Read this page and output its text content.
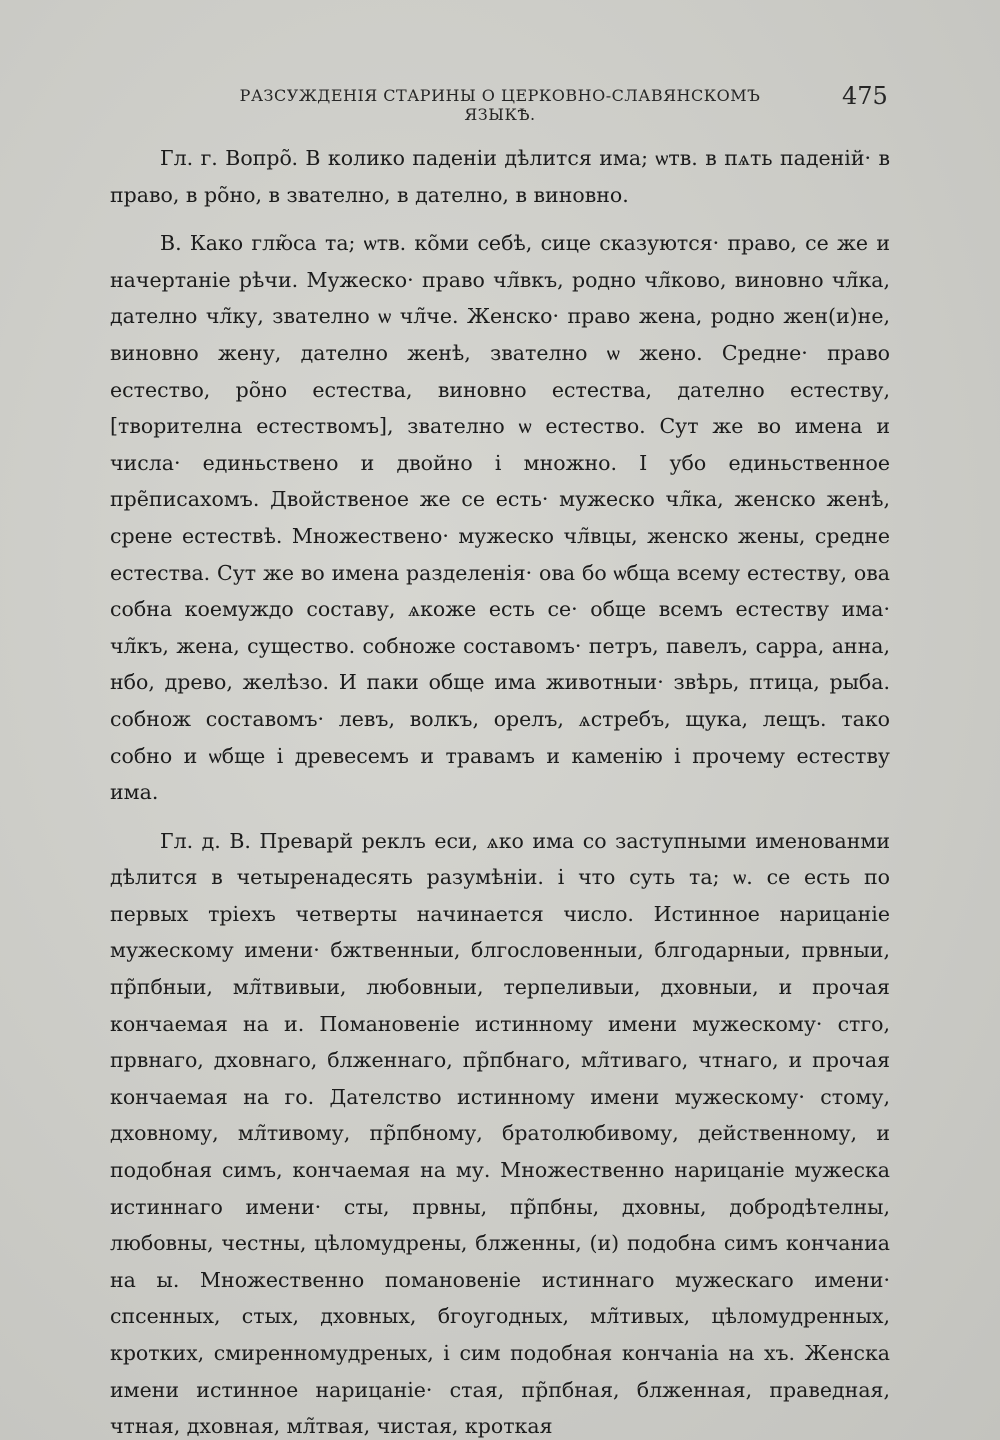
РАЗСУЖДЕНІЯ СТАРИНЫ О ЦЕРКОВНО-СЛАВЯНСКОМЪ ЯЗЫКѢ.
475

Гл. г. Вопрõ. В колико паденіи дѣлится има; ѡтв. в пѧть паденій· в право, в рõно, в звателно, в дателно, в виновно.

В. Како глю̃са та; ѡтв. ко̃ми себѣ, сице сказуются· право, се же и начертаніе рѣчи. Мужеско· право чл̃вкъ, родно чл̃ково, виновно чл̃ка, дателно чл̃ку, звателно ѡ чл̃че. Женско· право жена, родно жен(и)не, виновно жену, дателно женѣ, звателно ѡ жено. Средне· право естество, рõно естества, виновно естества, дателно естеству, [творителна естествомъ], звателно ѡ естество. Сут же во имена и числа· единьствено и двойно і множно. І убо единьственное пре̃писахомъ. Двойственое же се есть· мужеско чл̃ка, женско женѣ, срене естествѣ. Множествено· мужеско чл̃вцы, женско жены, средне естества. Сут же во имена разделенія· ова бо ѡбща всему естеству, ова собна коемуждо составу, ѧкоже есть се· обще всемъ естеству има· чл̃къ, жена, существо. собноже составомъ· петръ, павелъ, сарра, анна, нбо, древо, желѣзо. И паки обще има животныи· звѣрь, птица, рыба. собнож составомъ· левъ, волкъ, орелъ, ѧстребъ, щука, лещъ. тако собно и ѡбще і древесемъ и травамъ и каменію і прочему естеству има.

Гл. д. В. Преварй реклъ еси, ѧко има со заступными именованми дѣлится в четыренадесять разумѣніи. і что суть та; ѡ. се есть по первых тріехъ четверты начинается число. Истинное нарицаніе мужескому имени· бжтвенныи, блгословенныи, блгодарныи, првныи, пр̃пбныи, мл̃твивыи, любовныи, терпеливыи, дховныи, и прочая кончаемая на и. Помановеніе истинному имени мужескому· стго, првнаго, дховнаго, блженнаго, пр̃пбнаго, мл̃тиваго, чтнаго, и прочая кончаемая на го. Дателство истинному имени мужескому· стому, дховному, мл̃тивому, пр̃пбному, братолюбивому, действенному, и подобная симъ, кончаемая на му. Множественно нарицаніе мужеска истиннаго имени· сты, првны, пр̃пбны, дховны, добродѣтелны, любовны, честны, цѣломудрены, блженны, (и) подобна симъ кончаниа на ы. Множественно помановеніе истиннаго мужескаго имени· спсенных, стых, дховных, бгоугодных, мл̃тивых, цѣломудренных, кротких, смиренномудреных, і сим подобная кончаніа на хъ. Женска имени истинное нарицаніе· стая, пр̃пбная, блженная, праведная, чтная, дховная, мл̃твая, чистая, кроткая
